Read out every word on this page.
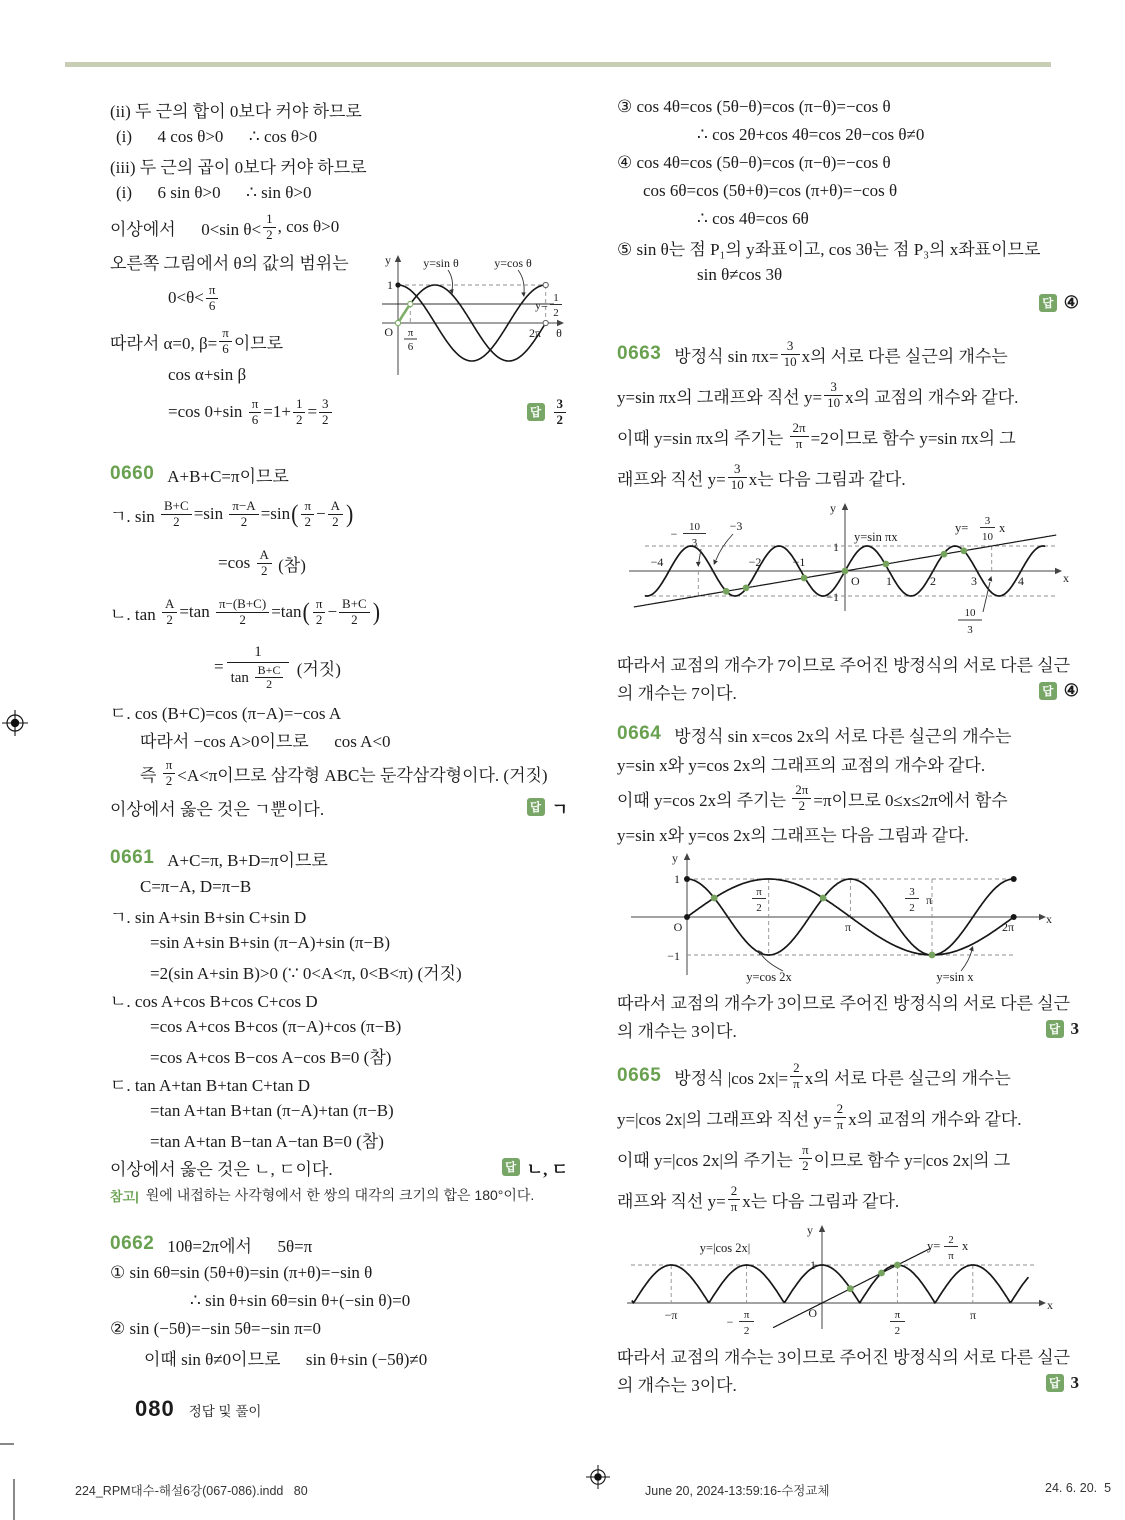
(ii) 두 근의 합이 0보다 커야 하므로
(i)      4 cos θ>0      ∴ cos θ>0
(iii) 두 근의 곱이 0보다 커야 하므로
(i)      6 sin θ>0      ∴ sin θ>0
이상에서      0<sin $\theta< \frac{1}{2}$ , cos θ>0
y
1
O π
6
2π θ
y=sin θ	y=cos θ
y= 1
2
오른쪽 그림에서 θ의 값의 범위는
$0<\theta< \frac{\pi}{6}$
따라서 α=0, $\beta= \frac{\pi}{6}$ 이므로
cos α+sin β
=cos $0+\sin \frac{\pi}{6} =1+ \frac{1}{2} = \frac{3}{2}$	답 $\frac{3}{2}$
0660 A+B+C=π이므로
ㄱ. $\sin \frac{B+C}{2} =\sin \frac{\pi-A}{2} =\sin$ ( $\frac{\pi}{2} - \frac{A}{2}$ )
$=\cos \frac{A}{2}$ (참)
ㄴ. $\tan \frac{A}{2} =\tan \frac{\pi-(B+C)}{2} =\tan$ ( $\frac{\pi}{2} - \frac{B+C}{2}$ )
= $\frac{1}{\tan \frac{B+C}{2}}$ (거짓)
ㄷ. cos (B+C)=cos (π−A)=−cos A
따라서 −cos A>0이므로      cos A<0
즉 $\frac{\pi}{2} <A<\pi$이므로 삼각형 ABC는 둔각삼각형이다. (거짓)
이상에서 옳은 것은 ㄱ뿐이다.	답 ㄱ
0661 A+C=π, B+D=π이므로
C=π−A, D=π−B
ㄱ. sin A+sin B+sin C+sin D
=sin A+sin B+sin (π−A)+sin (π−B)
=2(sin A+sin B)>0 (∵ 0<A<π, 0<B<π) (거짓)
ㄴ. cos A+cos B+cos C+cos D
=cos A+cos B+cos (π−A)+cos (π−B)
=cos A+cos B−cos A−cos B=0 (참)
ㄷ. tan A+tan B+tan C+tan D
=tan A+tan B+tan (π−A)+tan (π−B)
=tan A+tan B−tan A−tan B=0 (참)
이상에서 옳은 것은 ㄴ, ㄷ이다.	답 ㄴ, ㄷ
참고| 원에 내접하는 사각형에서 한 쌍의 대각의 크기의 합은 180°이다.
0662 10θ=2π에서      5θ=π
① sin 6θ=sin (5θ+θ)=sin (π+θ)=−sin θ
∴ sin θ+sin 6θ=sin θ+(−sin θ)=0
② sin (−5θ)=−sin 5θ=−sin π=0
이때 sin θ≠0이므로      sin θ+sin (−5θ)≠0
③ cos 4θ=cos (5θ−θ)=cos (π−θ)=−cos θ
∴ cos 2θ+cos 4θ=cos 2θ−cos θ≠0
④ cos 4θ=cos (5θ−θ)=cos (π−θ)=−cos θ
cos 6θ=cos (5θ+θ)=cos (π+θ)=−cos θ
∴ cos 4θ=cos 6θ
⑤ sin θ는 점 P₁의 y좌표이고, cos 3θ는 점 P₃의 x좌표이므로
sin θ≠cos 3θ
답 ④
0663 방정식 $\sin \pi x= \frac{3}{10}$ x의 서로 다른 실근의 개수는
y=sin πx의 그래프와 직선 $y= \frac{3}{10}$ x의 교점의 개수와 같다.
이때 y=sin πx의 주기는 $\frac{2\pi}{\pi} =2$이므로 함수 y=sin πx의 그
래프와 직선 $y= \frac{3}{10}$ x는 다음 그림과 같다.
y
x
1
−1
O
−4	−2	−1
1	2	3	4
y=sin πx
y= 3
10
x
− 10
3
−3
10
3
따라서 교점의 개수가 7이므로 주어진 방정식의 서로 다른 실근
의 개수는 7이다.	답 ④
0664 방정식 sin x=cos 2x의 서로 다른 실근의 개수는
y=sin x와 y=cos 2x의 그래프의 교점의 개수와 같다.
이때 y=cos 2x의 주기는 $\frac{2\pi}{2} =\pi$이므로 0≤x≤2π에서 함수
y=sin x와 y=cos 2x의 그래프는 다음 그림과 같다.
y
x
1
−1
O	π	2π
π
2
3
2
π
y=cos 2x	y=sin x
따라서 교점의 개수가 3이므로 주어진 방정식의 서로 다른 실근
의 개수는 3이다.	답 3
0665 방정식 |cos $2x|= \frac{2}{\pi}$ x의 서로 다른 실근의 개수는
y=|cos 2x|의 그래프와 직선 $y= \frac{2}{\pi}$ x의 교점의 개수와 같다.
이때 y=|cos 2x|의 주기는 $\frac{\pi}{2}$ 이므로 함수 y=|cos 2x|의 그
래프와 직선 $y= \frac{2}{\pi}$ x는 다음 그림과 같다.
y
x
y=|cos 2x|
1
O
−π	− π
2
π
2
π
y= 2
π
x
따라서 교점의 개수는 3이므로 주어진 방정식의 서로 다른 실근
의 개수는 3이다.	답 3
080 정답 및 풀이
224_RPM대수-해설6강(067-086).indd   80	June 20, 2024-13:59:16-수정교체	24. 6. 20.  5
